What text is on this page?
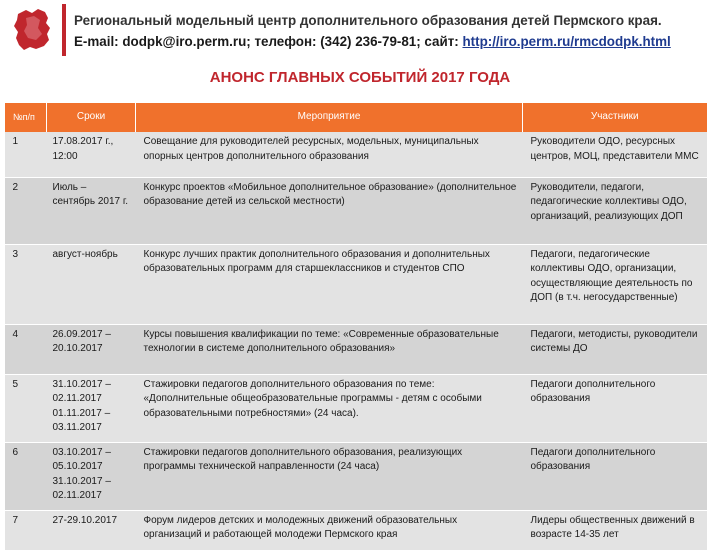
Региональный модельный центр дополнительного образования детей Пермского края.
E-mail: dodpk@iro.perm.ru; телефон: (342) 236-79-81; сайт: http://iro.perm.ru/rmcdodpk.html
АНОНС ГЛАВНЫХ СОБЫТИЙ 2017 ГОДА
№п/п	Сроки	Мероприятие	Участники
1	17.08.2017 г., 12:00	Совещание для руководителей ресурсных, модельных, муниципальных опорных центров дополнительного образования	Руководители ОДО, ресурсных центров, МОЦ, представители ММС
2	Июль – сентябрь 2017 г.	Конкурс проектов «Мобильное дополнительное образование» (дополнительное образование детей из сельской местности)	Руководители, педагоги, педагогические коллективы ОДО, организаций, реализующих ДОП
3	август-ноябрь	Конкурс лучших практик дополнительного образования и дополнительных образовательных программ для старшеклассников и студентов СПО	Педагоги, педагогические коллективы ОДО, организации, осуществляющие деятельность по ДОП (в т.ч. негосударственные)
4	26.09.2017 – 20.10.2017	Курсы повышения квалификации по теме: «Современные образовательные технологии в системе дополнительного образования»	Педагоги, методисты, руководители системы ДО
5	31.10.2017 – 02.11.2017 01.11.2017 – 03.11.2017	Стажировки педагогов дополнительного образования по теме: «Дополнительные общеобразовательные программы - детям с особыми образовательными потребностями» (24 часа).	Педагоги дополнительного образования
6	03.10.2017 – 05.10.2017 31.10.2017 – 02.11.2017	Стажировки педагогов дополнительного образования, реализующих программы технической направленности (24 часа)	Педагоги дополнительного образования
7	27-29.10.2017	Форум лидеров детских и молодежных движений образовательных организаций и работающей молодежи Пермского края	Лидеры общественных движений в возрасте 14-35 лет
